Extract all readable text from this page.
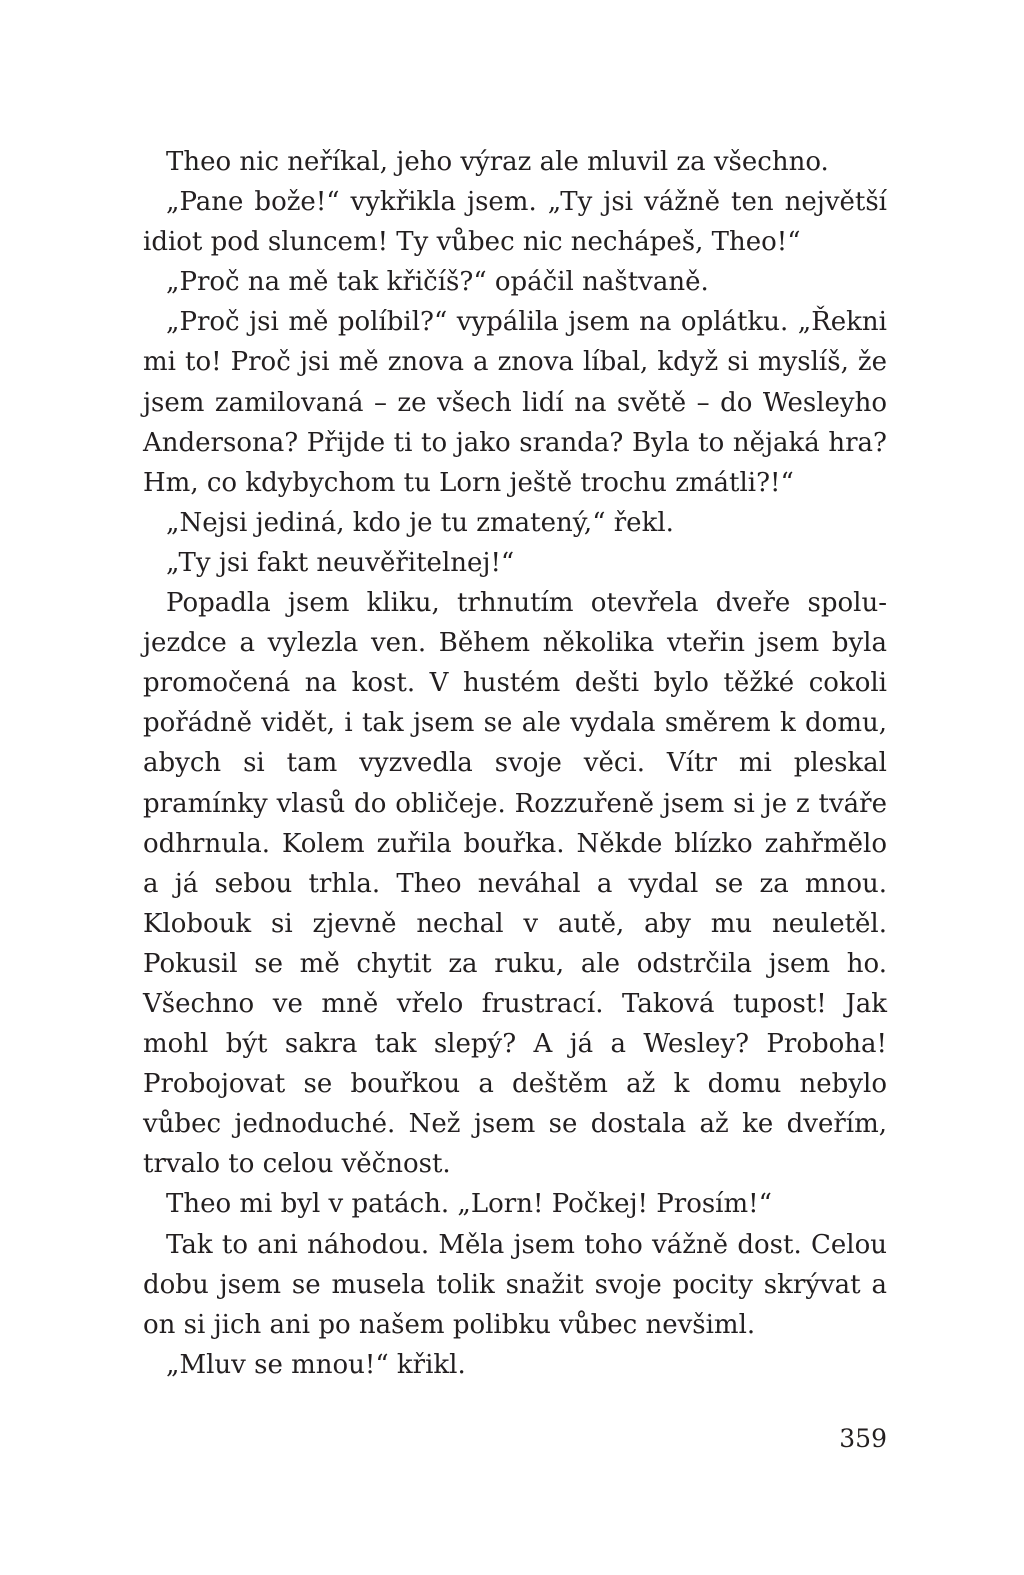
Theo nic neříkal, jeho výraz ale mluvil za všechno.

„Pane bože!“ vykřikla jsem. „Ty jsi vážně ten největší idiot pod sluncem! Ty vůbec nic nechápeš, Theo!“

„Proč na mě tak křičíš?“ opáčil naštvaně.

„Proč jsi mě políbil?“ vypálila jsem na oplátku. „Řekni mi to! Proč jsi mě znova a znova líbal, když si myslíš, že jsem zamilovaná – ze všech lidí na světě – do Wesleyho Andersona? Přijde ti to jako sranda? Byla to nějaká hra? Hm, co kdybychom tu Lorn ještě trochu zmátli?!“

„Nejsi jediná, kdo je tu zmatený,“ řekl.

„Ty jsi fakt neuvěřitelnej!“

Popadla jsem kliku, trhnutím otevřela dveře spolujezdce a vylezla ven. Během několika vteřin jsem byla promočená na kost. V hustém dešti bylo těžké cokoli pořádně vidět, i tak jsem se ale vydala směrem k domu, abych si tam vyzvedla svoje věci. Vítr mi pleskal pramínky vlasů do obličeje. Rozzuřeně jsem si je z tváře odhrnula. Kolem zuřila bouřka. Někde blízko zahřmělo a já sebou trhla. Theo neváhal a vydal se za mnou. Klobouk si zjevně nechal v autě, aby mu neuletěl. Pokusil se mě chytit za ruku, ale odstrčila jsem ho. Všechno ve mně vřelo frustrací. Taková tupost! Jak mohl být sakra tak slepý? A já a Wesley? Proboha! Probojovat se bouřkou a deštěm až k domu nebylo vůbec jednoduché. Než jsem se dostala až ke dveřím, trvalo to celou věčnost.

Theo mi byl v patách. „Lorn! Počkej! Prosím!“

Tak to ani náhodou. Měla jsem toho vážně dost. Celou dobu jsem se musela tolik snažit svoje pocity skrývat a on si jich ani po našem polibku vůbec nevšiml.

„Mluv se mnou!“ křikl.

359
